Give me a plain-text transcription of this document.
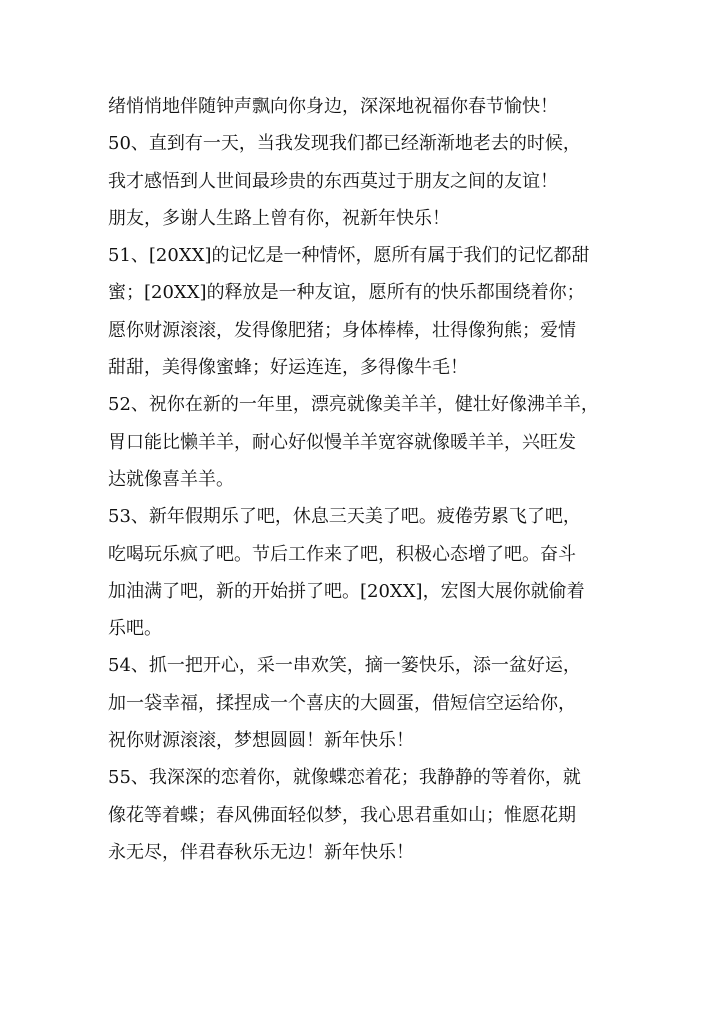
绪悄悄地伴随钟声飘向你身边，深深地祝福你春节愉快！
50、直到有一天，当我发现我们都已经渐渐地老去的时候，
我才感悟到人世间最珍贵的东西莫过于朋友之间的友谊！
朋友，多谢人生路上曾有你，祝新年快乐！
51、[20XX]的记忆是一种情怀，愿所有属于我们的记忆都甜
蜜；[20XX]的释放是一种友谊，愿所有的快乐都围绕着你；
愿你财源滚滚，发得像肥猪；身体棒棒，壮得像狗熊；爱情
甜甜，美得像蜜蜂；好运连连，多得像牛毛！
52、祝你在新的一年里，漂亮就像美羊羊，健壮好像沸羊羊，
胃口能比懒羊羊，耐心好似慢羊羊宽容就像暖羊羊，兴旺发
达就像喜羊羊。
53、新年假期乐了吧，休息三天美了吧。疲倦劳累飞了吧，
吃喝玩乐疯了吧。节后工作来了吧，积极心态增了吧。奋斗
加油满了吧，新的开始拼了吧。[20XX]，宏图大展你就偷着
乐吧。
54、抓一把开心，采一串欢笑，摘一篓快乐，添一盆好运，
加一袋幸福，揉捏成一个喜庆的大圆蛋，借短信空运给你，
祝你财源滚滚，梦想圆圆！新年快乐！
55、我深深的恋着你，就像蝶恋着花；我静静的等着你，就
像花等着蝶；春风佛面轻似梦，我心思君重如山；惟愿花期
永无尽，伴君春秋乐无边！新年快乐！
